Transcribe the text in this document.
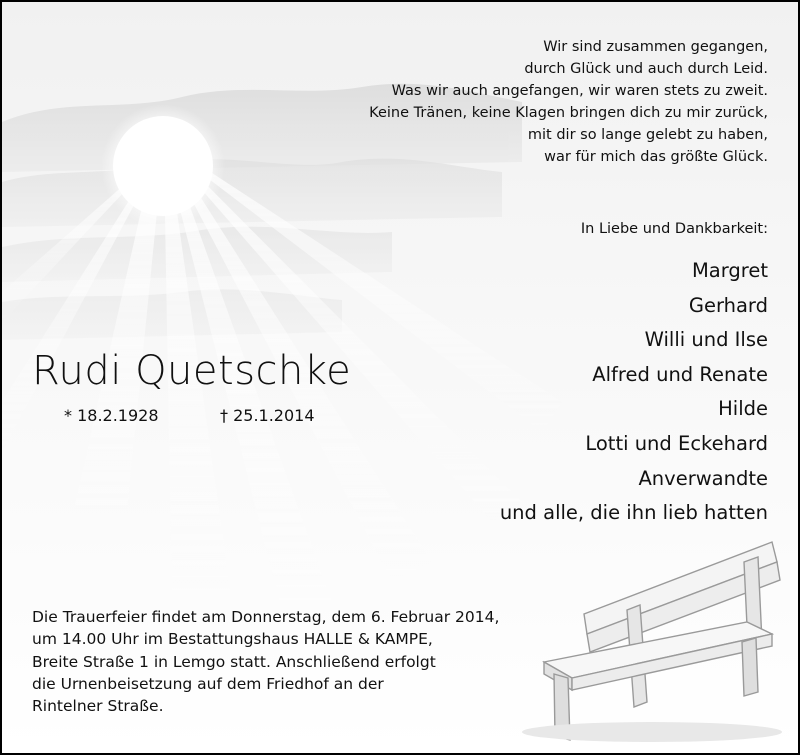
Wir sind zusammen gegangen,
durch Glück und auch durch Leid.
Was wir auch angefangen, wir waren stets zu zweit.
Keine Tränen, keine Klagen bringen dich zu mir zurück,
mit dir so lange gelebt zu haben,
war für mich das größte Glück.
In Liebe und Dankbarkeit:
Margret
Gerhard
Willi und Ilse
Alfred und Renate
Hilde
Lotti und Eckehard
Anverwandte
und alle, die ihn lieb hatten
Rudi Quetschke
* 18.2.1928	† 25.1.2014
Die Trauerfeier findet am Donnerstag, dem 6. Februar 2014,
um 14.00 Uhr im Bestattungshaus HALLE & KAMPE,
Breite Straße 1 in Lemgo statt. Anschließend erfolgt
die Urnenbeisetzung auf dem Friedhof an der
Rintelner Straße.
